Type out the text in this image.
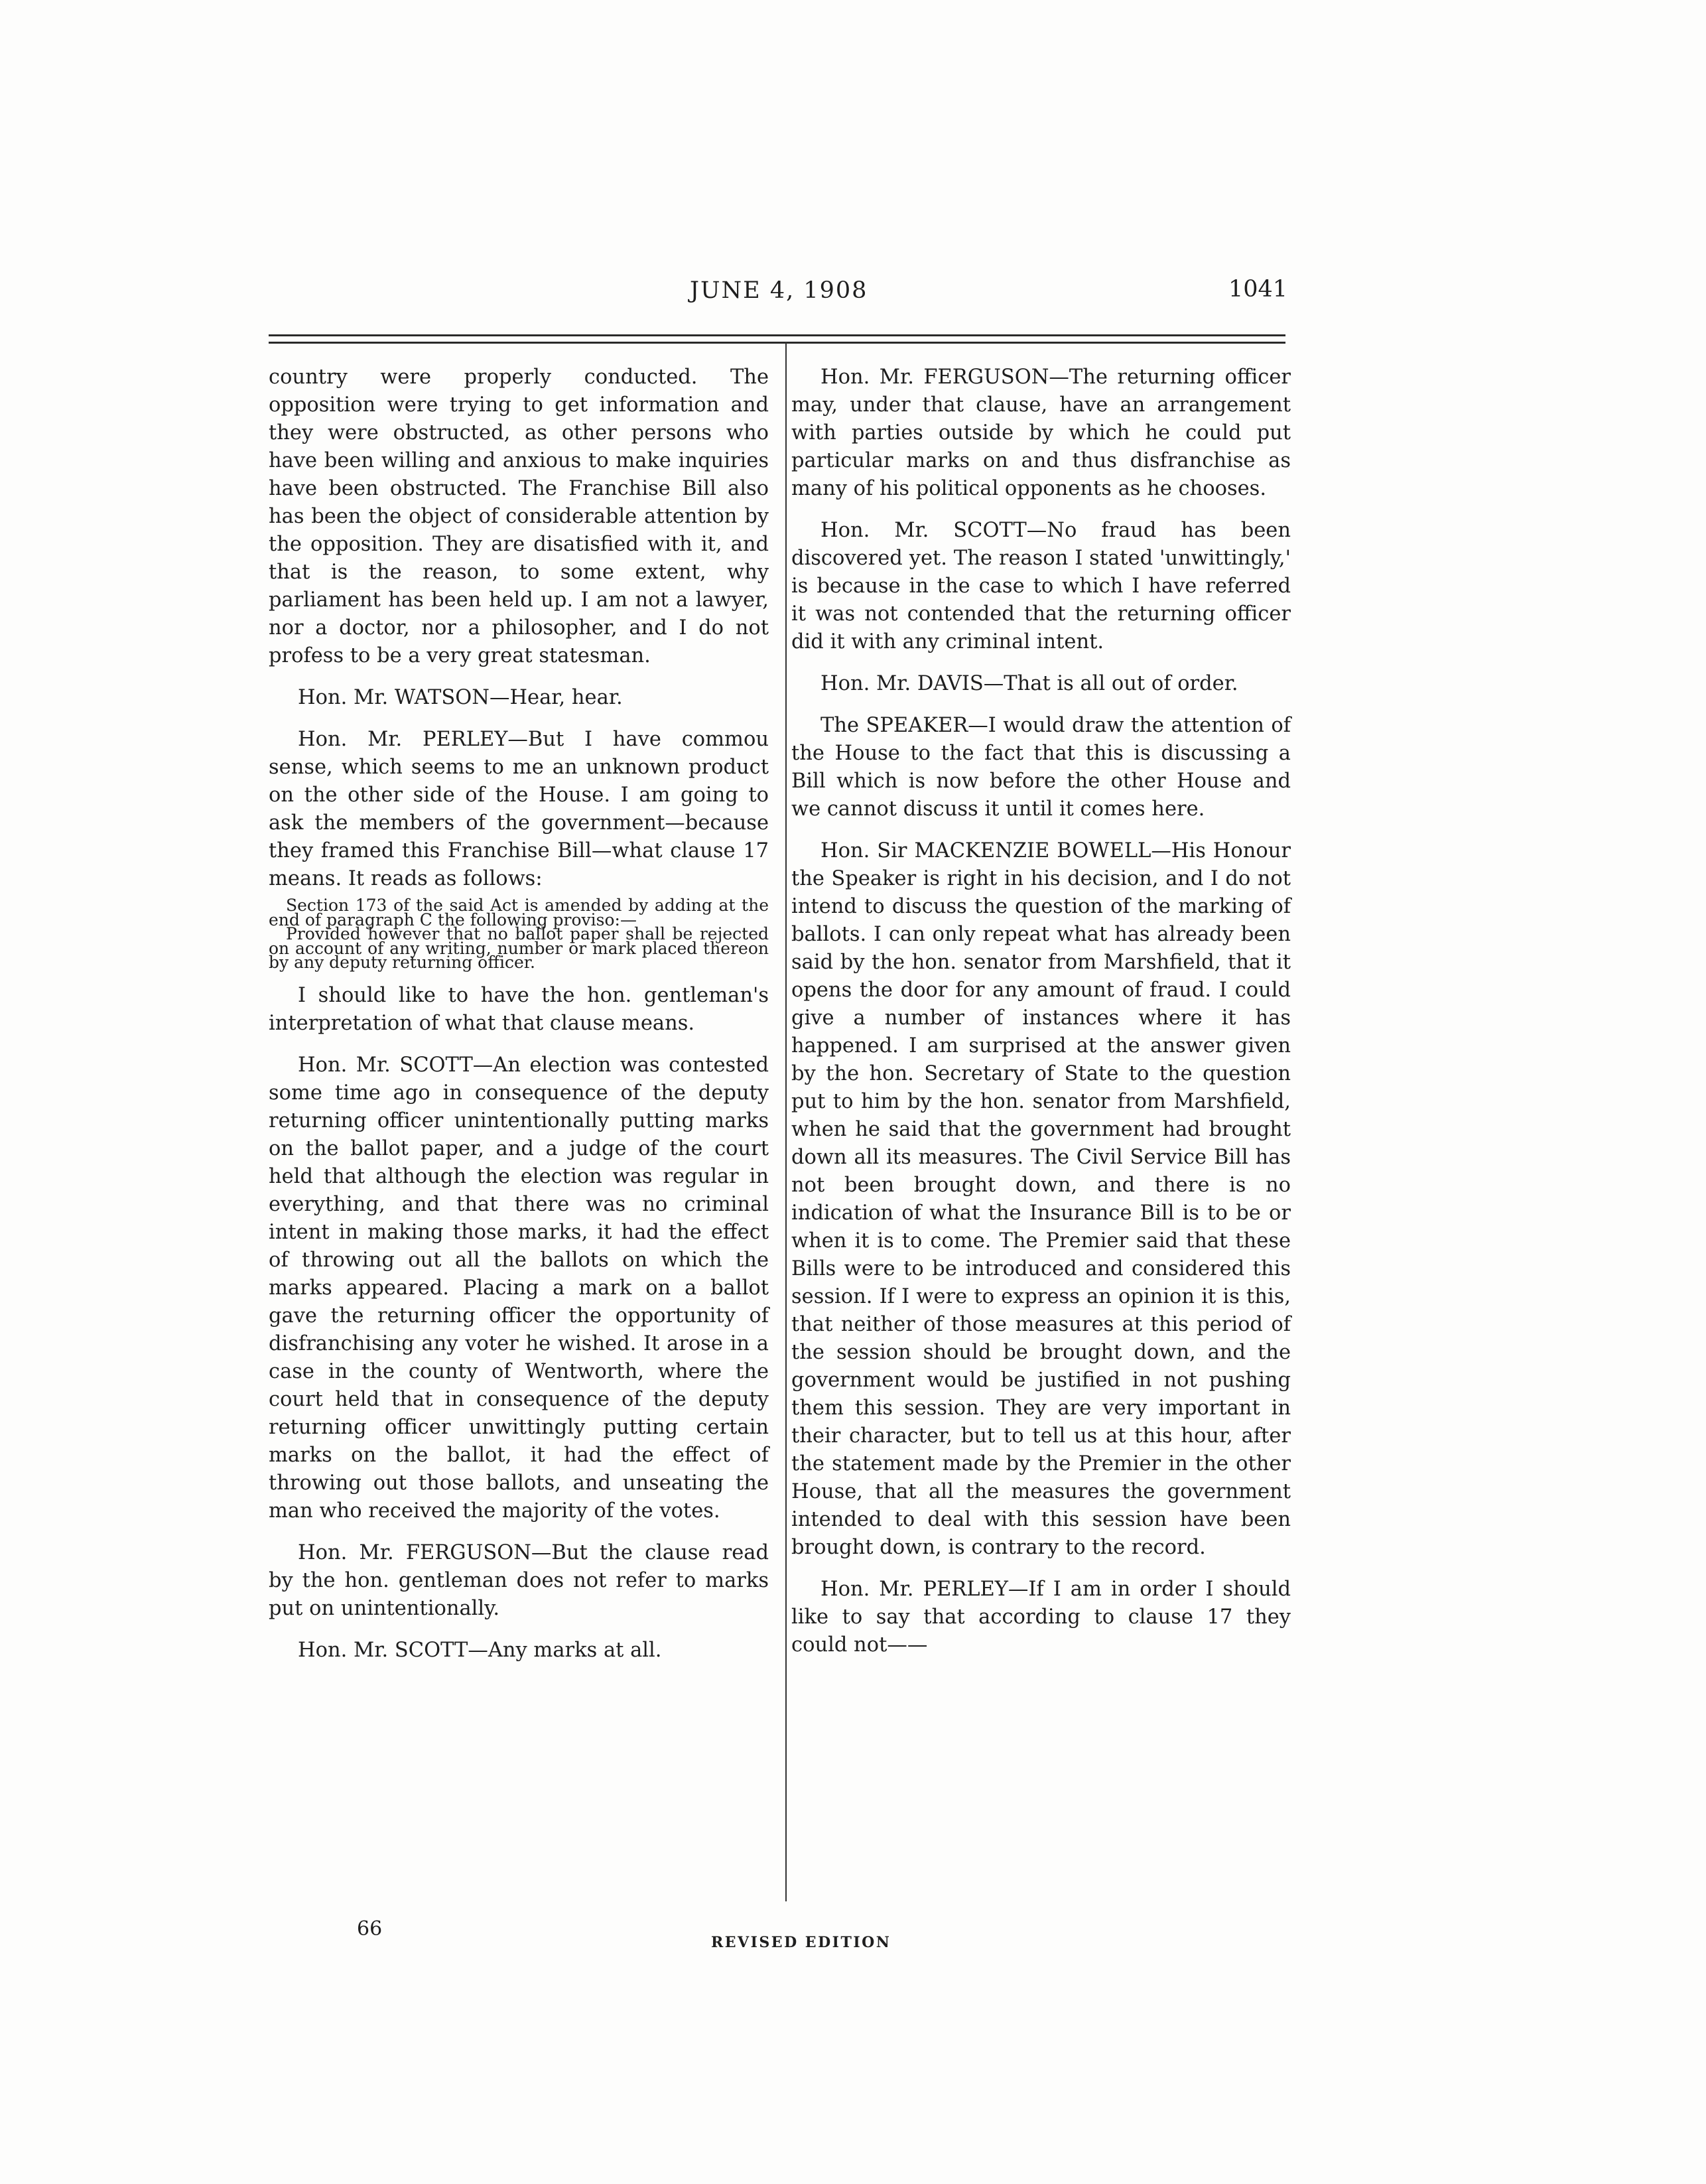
JUNE 4, 1908	1041

country were properly conducted. The opposition were trying to get information and they were obstructed, as other persons who have been willing and anxious to make inquiries have been obstructed. The Franchise Bill also has been the object of considerable attention by the opposition. They are disatisfied with it, and that is the reason, to some extent, why parliament has been held up. I am not a lawyer, nor a doctor, nor a philosopher, and I do not profess to be a very great statesman.

Hon. Mr. WATSON—Hear, hear.

Hon. Mr. PERLEY—But I have commou sense, which seems to me an unknown product on the other side of the House. I am going to ask the members of the government—because they framed this Franchise Bill—what clause 17 means. It reads as follows:

Section 173 of the said Act is amended by adding at the end of paragraph C the following proviso:—
Provided however that no ballot paper shall be rejected on account of any writing, number or mark placed thereon by any deputy returning officer.

I should like to have the hon. gentleman's interpretation of what that clause means.

Hon. Mr. SCOTT—An election was contested some time ago in consequence of the deputy returning officer unintentionally putting marks on the ballot paper, and a judge of the court held that although the election was regular in everything, and that there was no criminal intent in making those marks, it had the effect of throwing out all the ballots on which the marks appeared. Placing a mark on a ballot gave the returning officer the opportunity of disfranchising any voter he wished. It arose in a case in the county of Wentworth, where the court held that in consequence of the deputy returning officer unwittingly putting certain marks on the ballot, it had the effect of throwing out those ballots, and unseating the man who received the majority of the votes.

Hon. Mr. FERGUSON—But the clause read by the hon. gentleman does not refer to marks put on unintentionally.

Hon. Mr. SCOTT—Any marks at all.

Hon. Mr. FERGUSON—The returning officer may, under that clause, have an arrangement with parties outside by which he could put particular marks on and thus disfranchise as many of his political opponents as he chooses.

Hon. Mr. SCOTT—No fraud has been discovered yet. The reason I stated 'unwittingly,' is because in the case to which I have referred it was not contended that the returning officer did it with any criminal intent.

Hon. Mr. DAVIS—That is all out of order.

The SPEAKER—I would draw the attention of the House to the fact that this is discussing a Bill which is now before the other House and we cannot discuss it until it comes here.

Hon. Sir MACKENZIE BOWELL—His Honour the Speaker is right in his decision, and I do not intend to discuss the question of the marking of ballots. I can only repeat what has already been said by the hon. senator from Marshfield, that it opens the door for any amount of fraud. I could give a number of instances where it has happened. I am surprised at the answer given by the hon. Secretary of State to the question put to him by the hon. senator from Marshfield, when he said that the government had brought down all its measures. The Civil Service Bill has not been brought down, and there is no indication of what the Insurance Bill is to be or when it is to come. The Premier said that these Bills were to be introduced and considered this session. If I were to express an opinion it is this, that neither of those measures at this period of the session should be brought down, and the government would be justified in not pushing them this session. They are very important in their character, but to tell us at this hour, after the statement made by the Premier in the other House, that all the measures the government intended to deal with this session have been brought down, is contrary to the record.

Hon. Mr. PERLEY—If I am in order I should like to say that according to clause 17 they could not——

66
REVISED EDITION
